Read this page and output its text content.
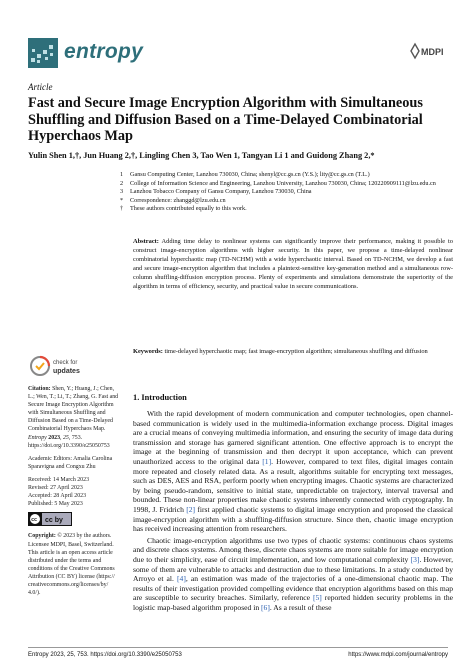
entropy	MDPI
Article
Fast and Secure Image Encryption Algorithm with Simultaneous Shuffling and Diffusion Based on a Time-Delayed Combinatorial Hyperchaos Map
Yulin Shen 1,†, Jun Huang 2,†, Lingling Chen 3, Tao Wen 1, Tangyan Li 1 and Guidong Zhang 2,*
1	Gansu Computing Center, Lanzhou 730030, China; shenyl@cc.gs.cn (Y.S.); lity@cc.gs.cn (T.L.)
2	College of Information Science and Engineering, Lanzhou University, Lanzhou 730030, China; 120220909111@lzu.edu.cn
3	Lanzhou Tobacco Company of Gansu Company, Lanzhou 730030, China
*	Correspondence: zhanggd@lzu.edu.cn
†	These authors contributed equally to this work.
Abstract: Adding time delay to nonlinear systems can significantly improve their performance, making it possible to construct image-encryption algorithms with higher security. In this paper, we propose a time-delayed nonlinear combinatorial hyperchaotic map (TD-NCHM) with a wide hyperchaotic interval. Based on TD-NCHM, we develop a fast and secure image-encryption algorithm that includes a plaintext-sensitive key-generation method and a simultaneous row-column shuffling-diffusion encryption process. Plenty of experiments and simulations demonstrate the superiority of the algorithm in terms of efficiency, security, and practical value in secure communications.
Keywords: time-delayed hyperchaotic map; fast image-encryption algorithm; simultaneous shuffling and diffusion
check for
updates

Citation: Shen, Y.; Huang, J.; Chen, L.; Wen, T.; Li, T.; Zhang, G. Fast and Secure Image Encryption Algorithm with Simultaneous Shuffling and Diffusion Based on a Time-Delayed Combinatorial Hyperchaos Map. Entropy 2023, 25, 753. https://doi.org/10.3390/e25050753

Academic Editors: Amalia Carolina Sparavigna and Congxu Zhu

Received: 14 March 2023
Revised: 27 April 2023
Accepted: 28 April 2023
Published: 5 May 2023
cc cc by

Copyright: © 2023 by the authors. Licensee MDPI, Basel, Switzerland. This article is an open access article distributed under the terms and conditions of the Creative Commons Attribution (CC BY) license (https:// creativecommons.org/licenses/by/ 4.0/).

1. Introduction

With the rapid development of modern communication and computer technologies, open channel-based communication is widely used in the multimedia-information exchange process. Digital images are a crucial means of conveying multimedia information, and ensuring the security of image data during transmission and storage has garnered significant attention. One effective approach is to encrypt the image at the beginning of transmission and then decrypt it upon acceptance, which can prevent unauthorized access to the original data [1]. However, compared to text files, digital images contain more repeated and closely related data. As a result, algorithms suitable for encrypting text messages, such as DES, AES and RSA, perform poorly when encrypting images. Chaotic systems are characterized by being pseudo-random, sensitive to initial state, unpredictable on trajectory, interval traversal and bounded. These non-linear properties make chaotic systems inherently connected with cryptography. In 1998, J. Fridrich [2] first applied chaotic systems to digital image encryption and proposed the classical image-encryption algorithm with a shuffling-diffusion structure. Since then, chaotic image encryption has received increasing attention from researchers.

Chaotic image-encryption algorithms use two types of chaotic systems: continuous chaos systems and discrete chaos systems. Among these, discrete chaos systems are more suitable for image encryption due to their simplicity, ease of circuit implementation, and low computational complexity [3]. However, some of them are vulnerable to attacks and destruction due to these limitations. In a study conducted by Arroyo et al. [4], an estimation was made of the trajectories of a one-dimensional chaotic map. The results of their investigation provided compelling evidence that encryption algorithms based on this map are susceptible to security breaches. Similarly, reference [5] reported hidden security problems in the logistic map-based algorithm proposed in [6]. As a result of these

Entropy 2023, 25, 753. https://doi.org/10.3390/e25050753	https://www.mdpi.com/journal/entropy
